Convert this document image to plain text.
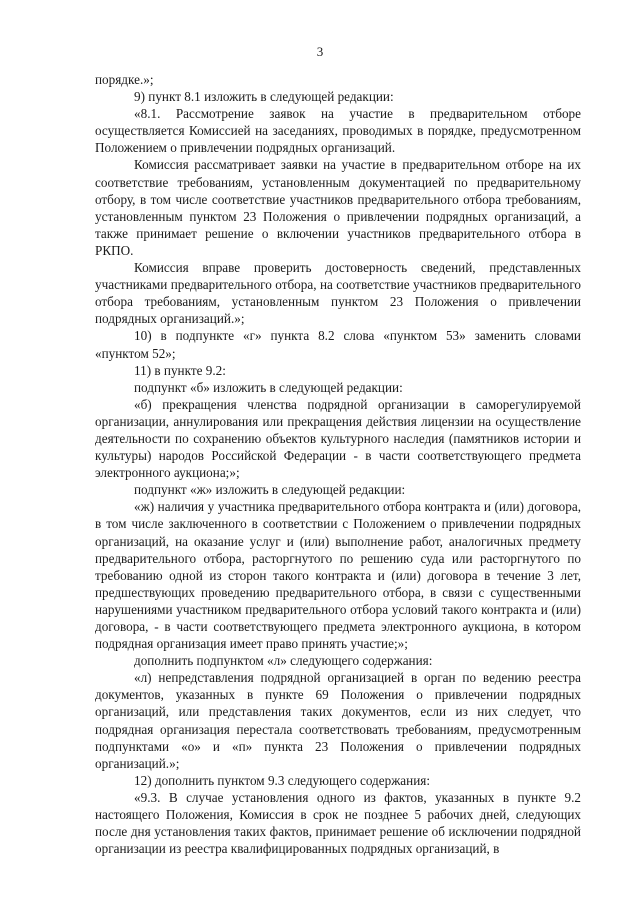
3

порядке.»;

9) пункт 8.1 изложить в следующей редакции:

«8.1. Рассмотрение заявок на участие в предварительном отборе осуществляется Комиссией на заседаниях, проводимых в порядке, предусмотренном Положением о привлечении подрядных организаций.

Комиссия рассматривает заявки на участие в предварительном отборе на их соответствие требованиям, установленным документацией по предварительному отбору, в том числе соответствие участников предварительного отбора требованиям, установленным пунктом 23 Положения о привлечении подрядных организаций, а также принимает решение о включении участников предварительного отбора в РКПО.

Комиссия вправе проверить достоверность сведений, представленных участниками предварительного отбора, на соответствие участников предварительного отбора требованиям, установленным пунктом 23 Положения о привлечении подрядных организаций.»;

10) в подпункте «г» пункта 8.2 слова «пунктом 53» заменить словами «пунктом 52»;

11) в пункте 9.2:

подпункт «б» изложить в следующей редакции:

«б) прекращения членства подрядной организации в саморегулируемой организации, аннулирования или прекращения действия лицензии на осуществление деятельности по сохранению объектов культурного наследия (памятников истории и культуры) народов Российской Федерации - в части соответствующего предмета электронного аукциона;»;

подпункт «ж» изложить в следующей редакции:

«ж) наличия у участника предварительного отбора контракта и (или) договора, в том числе заключенного в соответствии с Положением о привлечении подрядных организаций, на оказание услуг и (или) выполнение работ, аналогичных предмету предварительного отбора, расторгнутого по решению суда или расторгнутого по требованию одной из сторон такого контракта и (или) договора в течение 3 лет, предшествующих проведению предварительного отбора, в связи с существенными нарушениями участником предварительного отбора условий такого контракта и (или) договора, - в части соответствующего предмета электронного аукциона, в котором подрядная организация имеет право принять участие;»;

дополнить подпунктом «л» следующего содержания:

«л) непредставления подрядной организацией в орган по ведению реестра документов, указанных в пункте 69 Положения о привлечении подрядных организаций, или представления таких документов, если из них следует, что подрядная организация перестала соответствовать требованиям, предусмотренным подпунктами «о» и «п» пункта 23 Положения о привлечении подрядных организаций.»;

12) дополнить пунктом 9.3 следующего содержания:

«9.3. В случае установления одного из фактов, указанных в пункте 9.2 настоящего Положения, Комиссия в срок не позднее 5 рабочих дней, следующих после дня установления таких фактов, принимает решение об исключении подрядной организации из реестра квалифицированных подрядных организаций, в
